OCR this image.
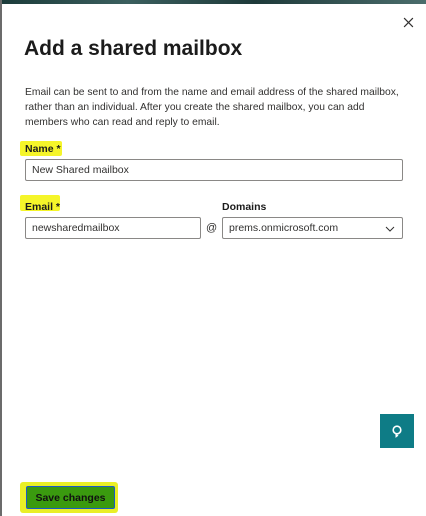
Add a shared mailbox

Email can be sent to and from the name and email address of the shared mailbox, rather than an individual. After you create the shared mailbox, you can add members who can read and reply to email.

Name *
New Shared mailbox
Email *
newsharedmailbox	@
Domains
prems.onmicrosoft.com
Save changes
